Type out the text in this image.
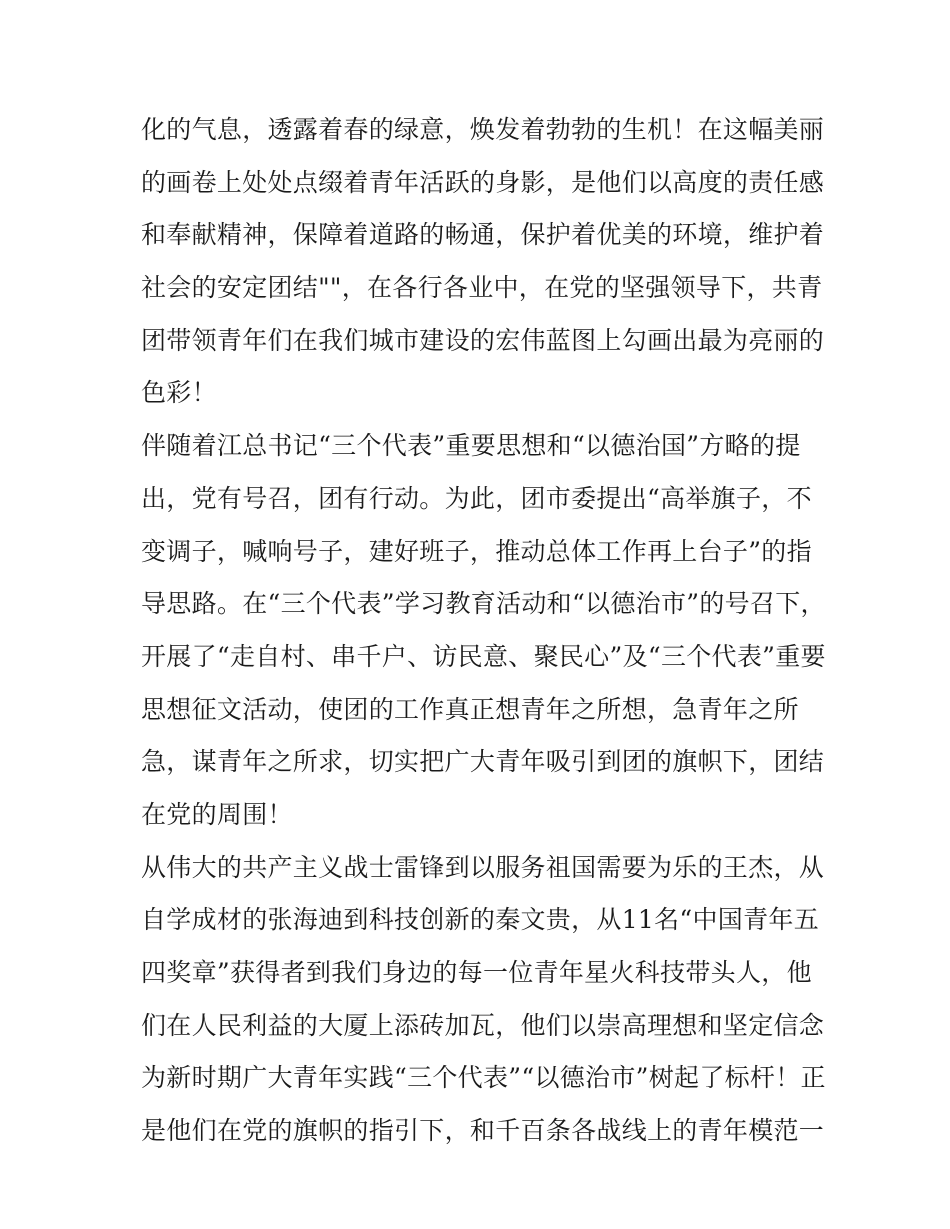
化的气息，透露着春的绿意，焕发着勃勃的生机！在这幅美丽
的画卷上处处点缀着青年活跃的身影，是他们以高度的责任感
和奉献精神，保障着道路的畅通，保护着优美的环境，维护着
社会的安定团结""，在各行各业中，在党的坚强领导下，共青
团带领青年们在我们城市建设的宏伟蓝图上勾画出最为亮丽的
色彩！
伴随着江总书记“三个代表”重要思想和“以德治国”方略的提
出，党有号召，团有行动。为此，团市委提出“高举旗子，不
变调子，喊响号子，建好班子，推动总体工作再上台子”的指
导思路。在“三个代表”学习教育活动和“以德治市”的号召下，
开展了“走自村、串千户、访民意、聚民心”及“三个代表”重要
思想征文活动，使团的工作真正想青年之所想，急青年之所
急，谋青年之所求，切实把广大青年吸引到团的旗帜下，团结
在党的周围！
从伟大的共产主义战士雷锋到以服务祖国需要为乐的王杰，从
自学成材的张海迪到科技创新的秦文贵，从11名“中国青年五
四奖章”获得者到我们身边的每一位青年星火科技带头人，他
们在人民利益的大厦上添砖加瓦，他们以崇高理想和坚定信念
为新时期广大青年实践“三个代表”“以德治市”树起了标杆！正
是他们在党的旗帜的指引下，和千百条各战线上的青年模范一
